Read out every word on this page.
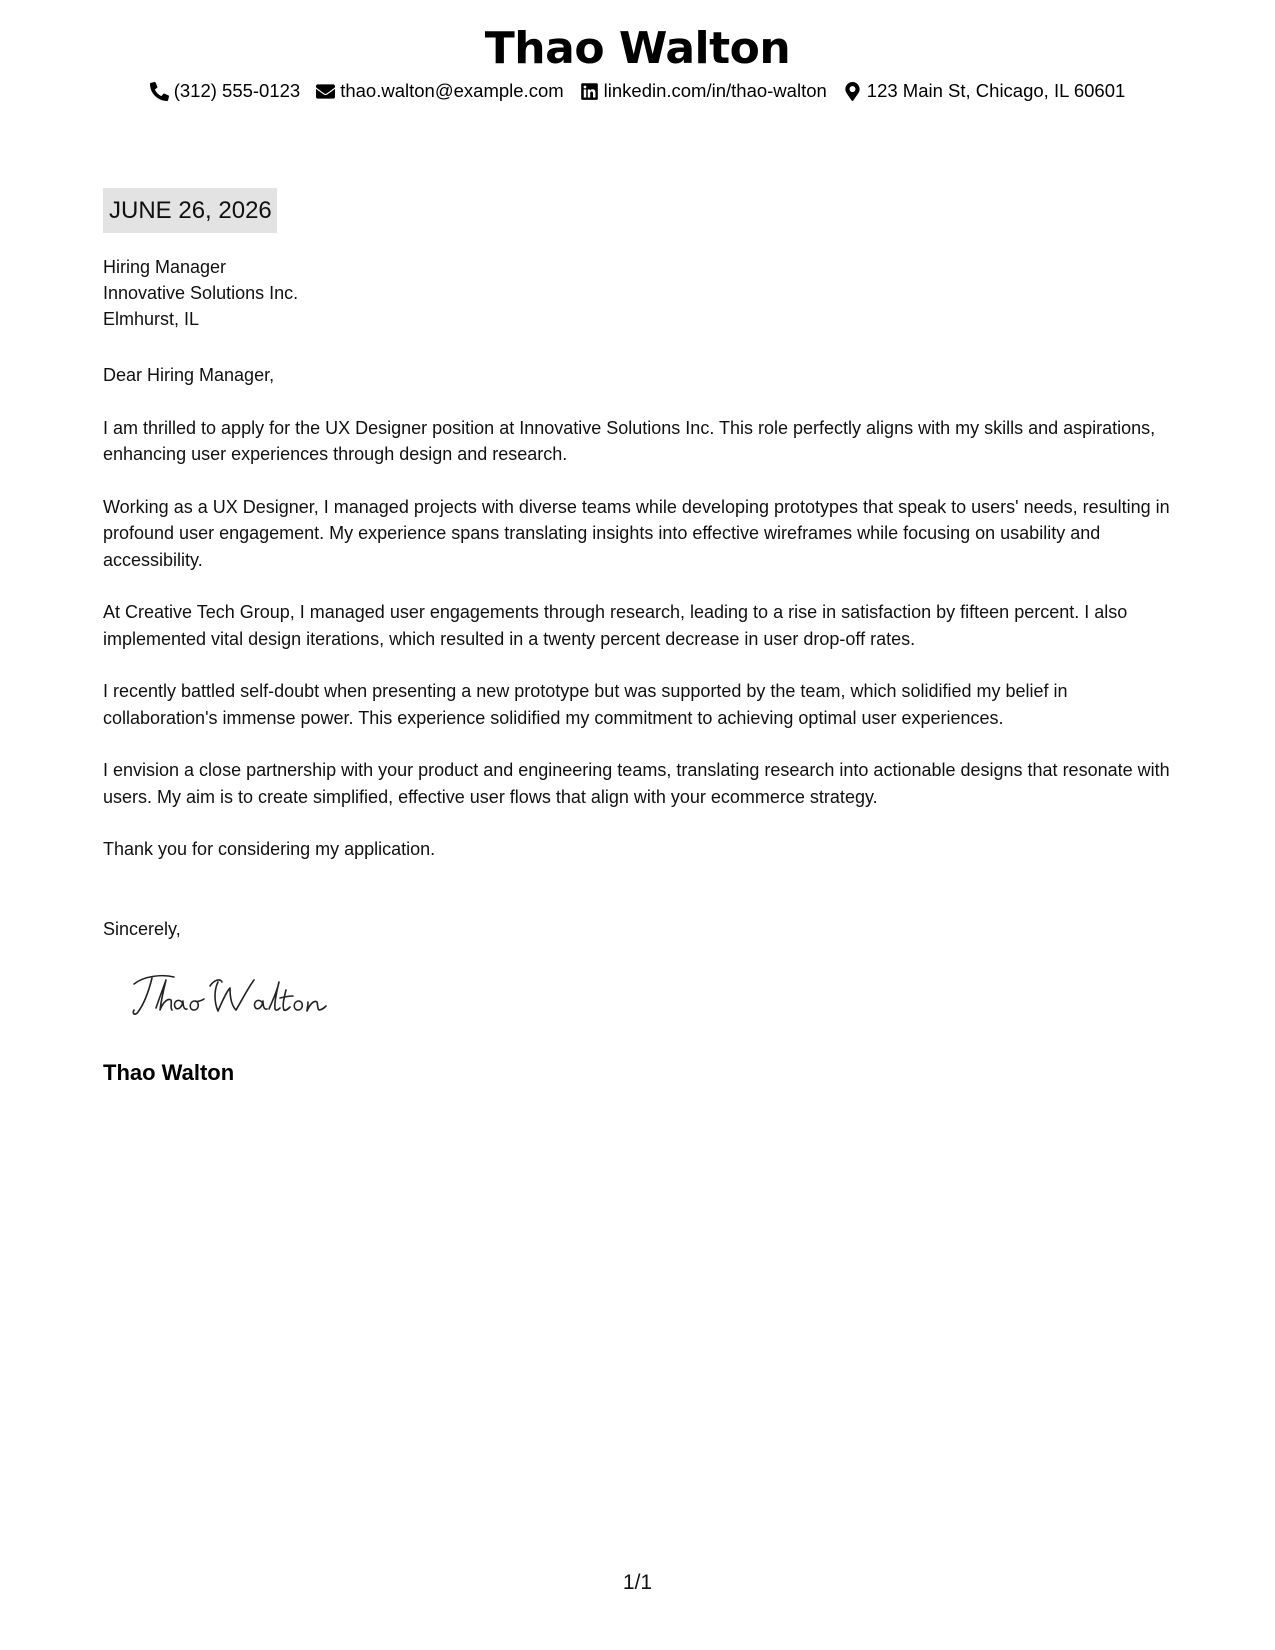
Thao Walton
(312) 555-0123 thao.walton@example.com linkedin.com/in/thao-walton 123 Main St, Chicago, IL 60601
JUNE 26, 2026
Hiring Manager
Innovative Solutions Inc.
Elmhurst, IL

Dear Hiring Manager,

I am thrilled to apply for the UX Designer position at Innovative Solutions Inc. This role perfectly aligns with my skills and aspirations, enhancing user experiences through design and research.

Working as a UX Designer, I managed projects with diverse teams while developing prototypes that speak to users' needs, resulting in profound user engagement. My experience spans translating insights into effective wireframes while focusing on usability and accessibility.

At Creative Tech Group, I managed user engagements through research, leading to a rise in satisfaction by fifteen percent. I also implemented vital design iterations, which resulted in a twenty percent decrease in user drop-off rates.

I recently battled self-doubt when presenting a new prototype but was supported by the team, which solidified my belief in collaboration's immense power. This experience solidified my commitment to achieving optimal user experiences.

I envision a close partnership with your product and engineering teams, translating research into actionable designs that resonate with users. My aim is to create simplified, effective user flows that align with your ecommerce strategy.

Thank you for considering my application.

Sincerely,
Thao Walton
1/1
